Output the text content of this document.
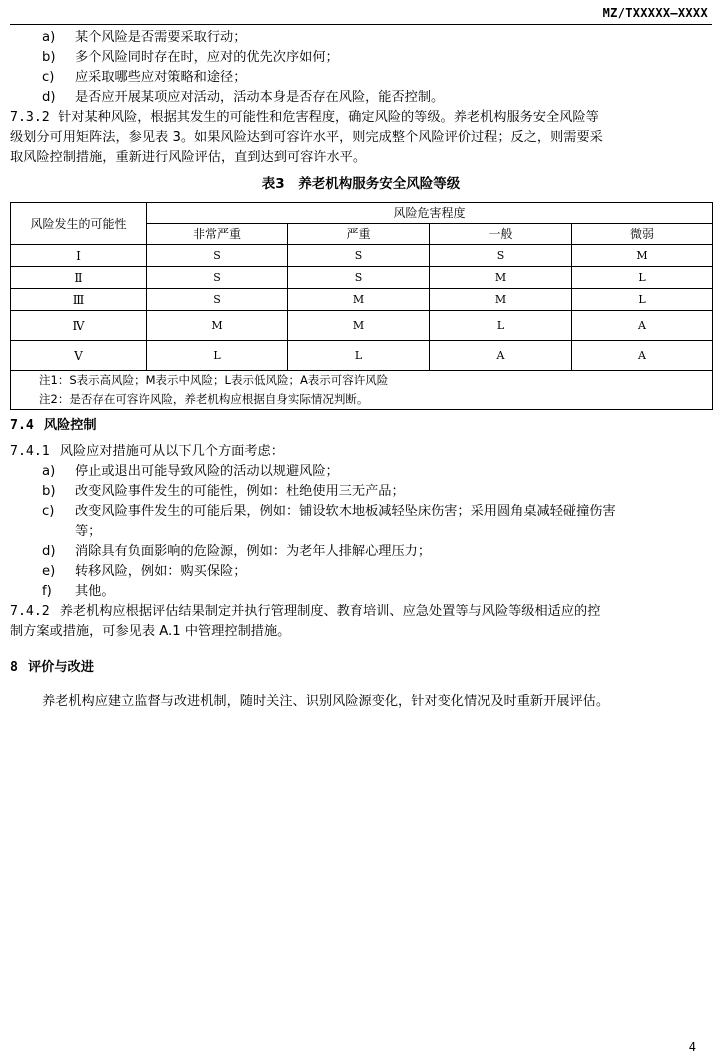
MZ/TXXXXX—XXXX
a) 某个风险是否需要采取行动；
b) 多个风险同时存在时，应对的优先次序如何；
c) 应采取哪些应对策略和途径；
d) 是否应开展某项应对活动，活动本身是否存在风险，能否控制。
7.3.2 针对某种风险，根据其发生的可能性和危害程度，确定风险的等级。养老机构服务安全风险等
级划分可用矩阵法，参见表 3。如果风险达到可容许水平，则完成整个风险评价过程；反之，则需要采
取风险控制措施，重新进行风险评估，直到达到可容许水平。
表3　养老机构服务安全风险等级
风险发生的可能性	风险危害程度			
	非常严重	严重	一般	微弱
Ⅰ	S	S	S	M
Ⅱ	S	S	M	L
Ⅲ	S	M	M	L
Ⅳ	M	M	L	A
Ⅴ	L	L	A	A

注1：S表示高风险；M表示中风险；L表示低风险；A表示可容许风险
注2：是否存在可容许风险，养老机构应根据自身实际情况判断。				
7.4 风险控制
7.4.1 风险应对措施可从以下几个方面考虑：
a) 停止或退出可能导致风险的活动以规避风险；
b) 改变风险事件发生的可能性，例如：杜绝使用三无产品；
c) 改变风险事件发生的可能后果，例如：铺设软木地板减轻坠床伤害；采用圆角桌减轻碰撞伤害
等；
d) 消除具有负面影响的危险源，例如：为老年人排解心理压力；
e) 转移风险，例如：购买保险；
f) 其他。
7.4.2 养老机构应根据评估结果制定并执行管理制度、教育培训、应急处置等与风险等级相适应的控
制方案或措施，可参见表 A.1 中管理控制措施。
8 评价与改进
养老机构应建立监督与改进机制，随时关注、识别风险源变化，针对变化情况及时重新开展评估。
4
